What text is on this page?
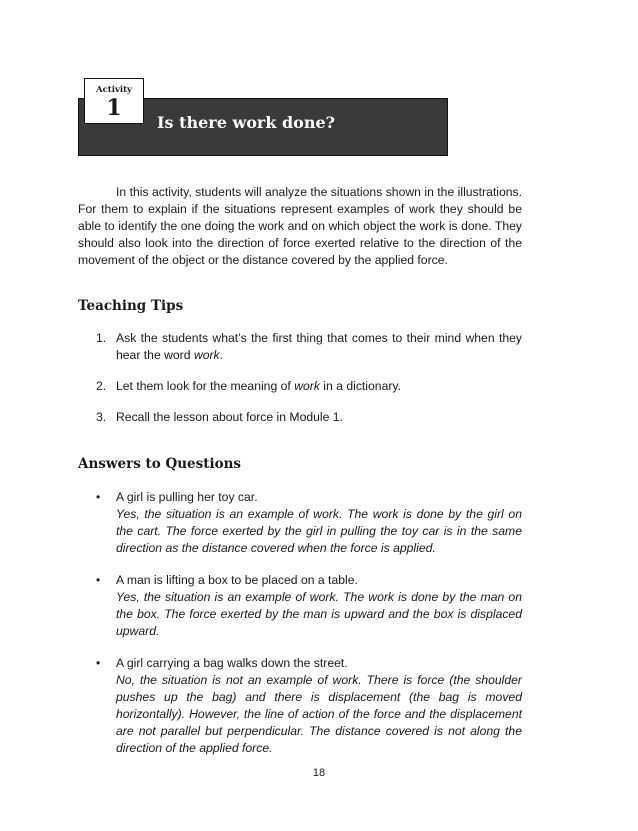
Is there work done?
Activity
1

In this activity, students will analyze the situations shown in the illustrations. For them to explain if the situations represent examples of work they should be able to identify the one doing the work and on which object the work is done. They should also look into the direction of force exerted relative to the direction of the movement of the object or the distance covered by the applied force.

Teaching Tips
1. Ask the students what’s the first thing that comes to their mind when they hear the word work.
2. Let them look for the meaning of work in a dictionary.
3. Recall the lesson about force in Module 1.
Answers to Questions
• A girl is pulling her toy car.
Yes, the situation is an example of work. The work is done by the girl on the cart. The force exerted by the girl in pulling the toy car is in the same direction as the distance covered when the force is applied.
• A man is lifting a box to be placed on a table.
Yes, the situation is an example of work. The work is done by the man on the box. The force exerted by the man is upward and the box is displaced upward.
• A girl carrying a bag walks down the street.
No, the situation is not an example of work. There is force (the shoulder pushes up the bag) and there is displacement (the bag is moved horizontally). However, the line of action of the force and the displacement are not parallel but perpendicular. The distance covered is not along the direction of the applied force.
18
